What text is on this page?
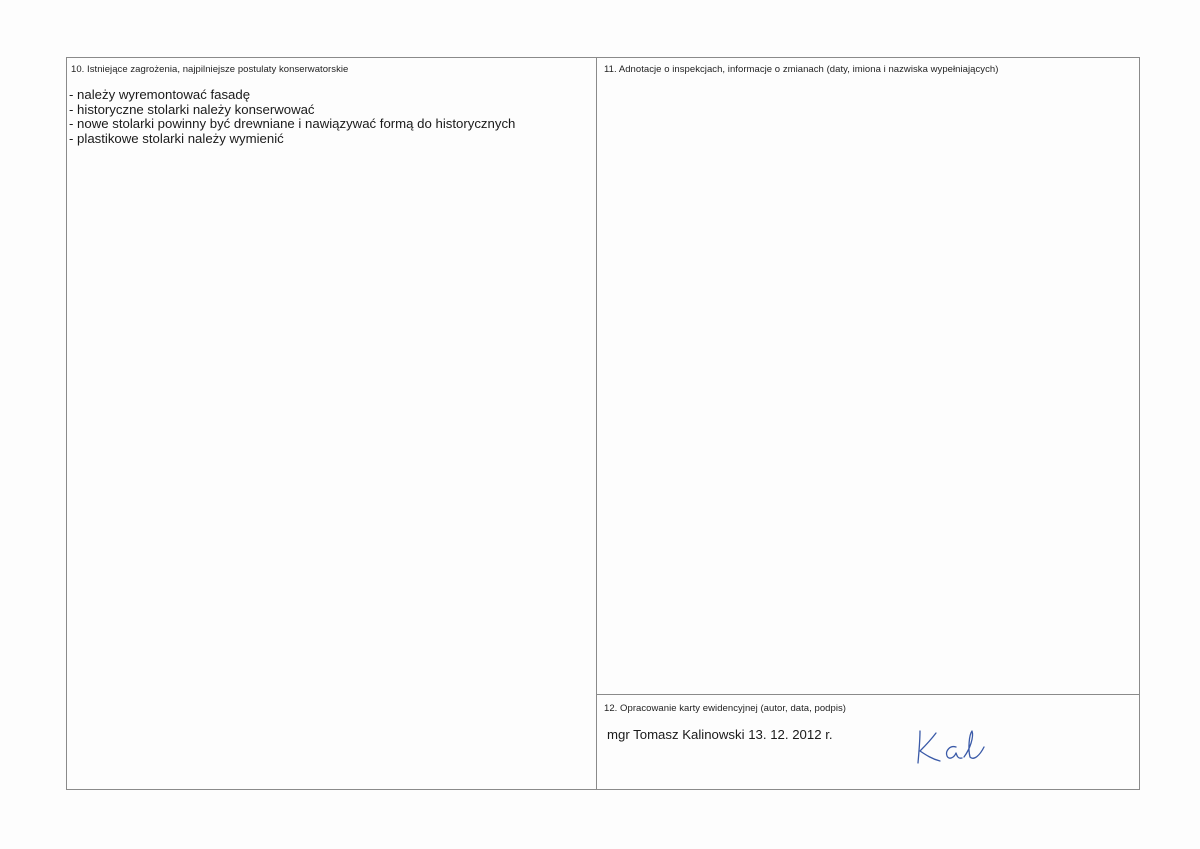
10. Istniejące zagrożenia, najpilniejsze postulaty konserwatorskie
- należy wyremontować fasadę
- historyczne stolarki należy konserwować
- nowe stolarki powinny być drewniane i nawiązywać formą do historycznych
- plastikowe stolarki należy wymienić
11. Adnotacje o inspekcjach, informacje o zmianach (daty, imiona i nazwiska wypełniających)
12. Opracowanie karty ewidencyjnej (autor, data, podpis)
mgr Tomasz Kalinowski 13. 12. 2012 r.
